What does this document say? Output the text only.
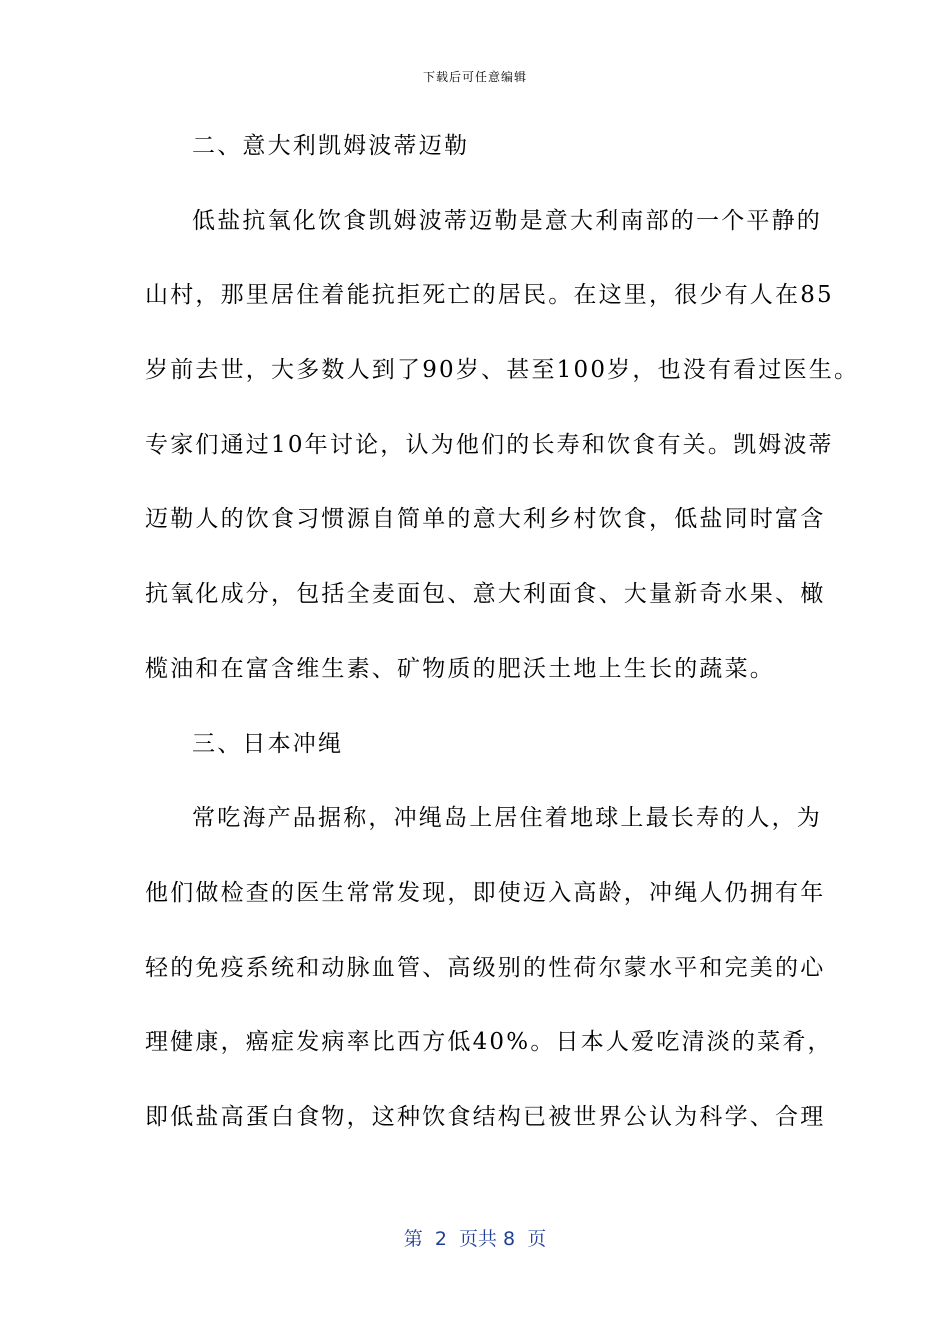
下载后可任意编辑
二、意大利凯姆波蒂迈勒
低盐抗氧化饮食凯姆波蒂迈勒是意大利南部的一个平静的
山村，那里居住着能抗拒死亡的居民。在这里，很少有人在85
岁前去世，大多数人到了90岁、甚至100岁，也没有看过医生。
专家们通过10年讨论，认为他们的长寿和饮食有关。凯姆波蒂
迈勒人的饮食习惯源自简单的意大利乡村饮食，低盐同时富含
抗氧化成分，包括全麦面包、意大利面食、大量新奇水果、橄
榄油和在富含维生素、矿物质的肥沃土地上生长的蔬菜。
三、日本冲绳
常吃海产品据称，冲绳岛上居住着地球上最长寿的人，为
他们做检查的医生常常发现，即使迈入高龄，冲绳人仍拥有年
轻的免疫系统和动脉血管、高级别的性荷尔蒙水平和完美的心
理健康，癌症发病率比西方低40%。日本人爱吃清淡的菜肴，
即低盐高蛋白食物，这种饮食结构已被世界公认为科学、合理
第  2  页共 8  页
